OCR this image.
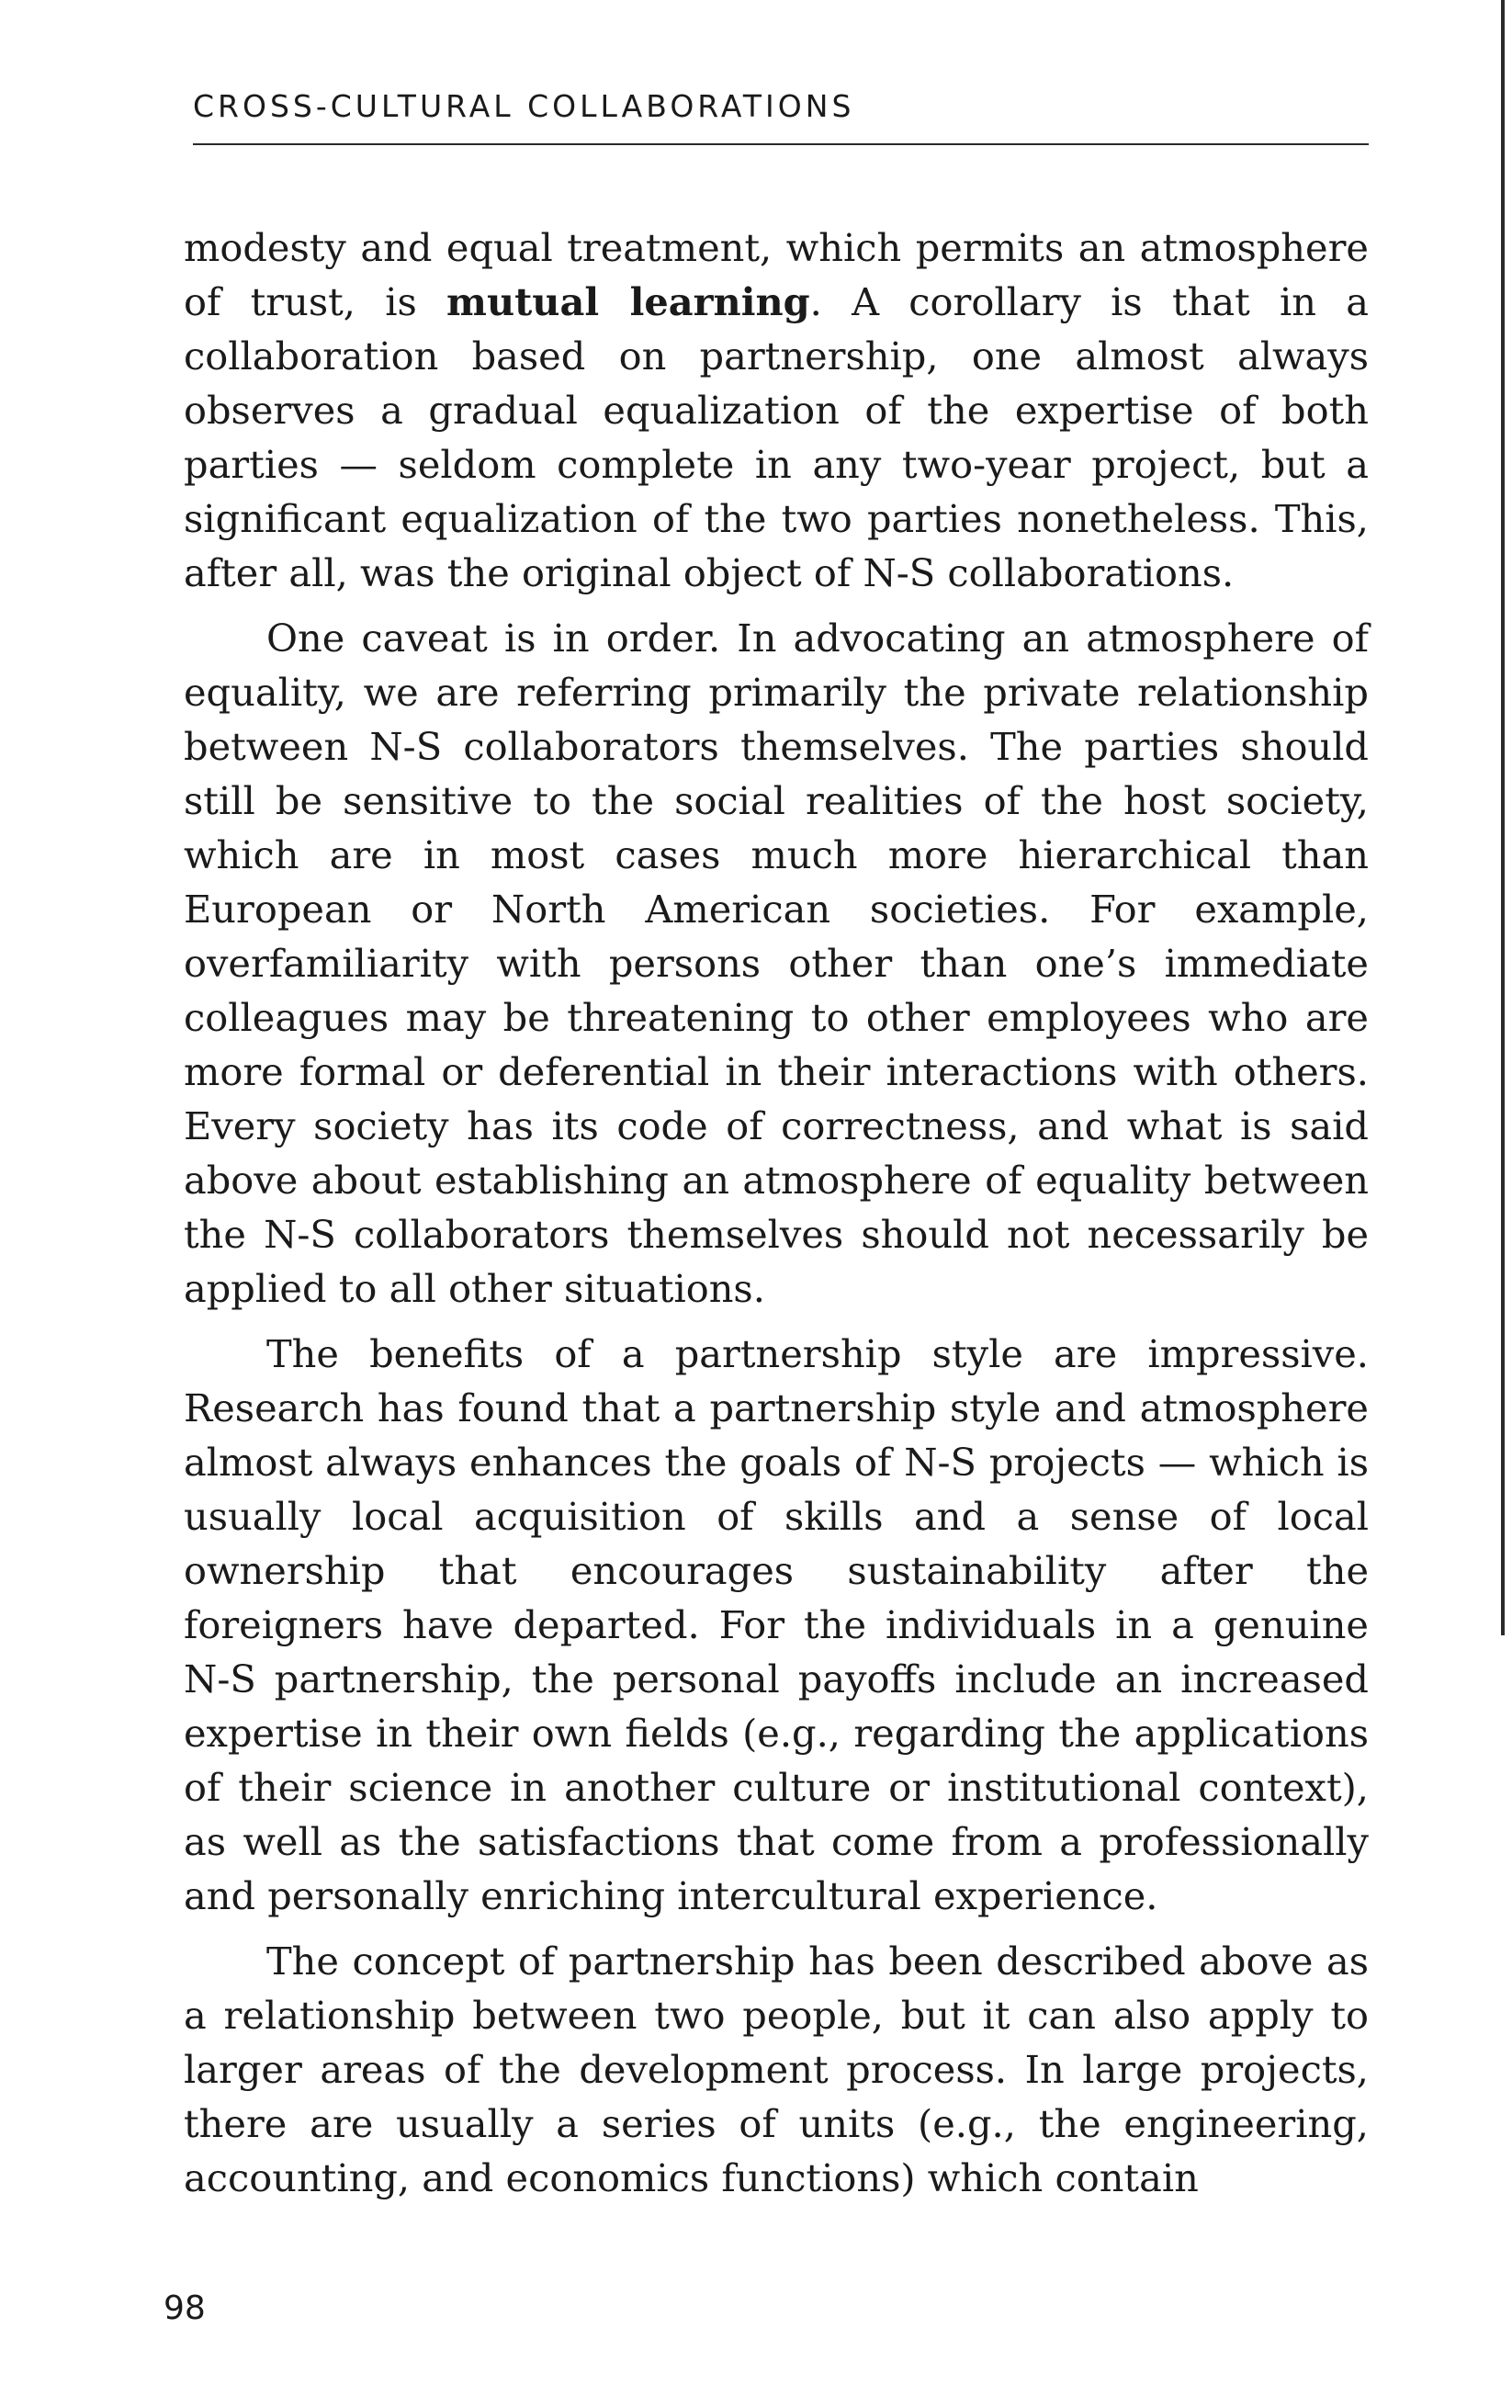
CROSS-CULTURAL COLLABORATIONS

modesty and equal treatment, which permits an atmosphere of trust, is mutual learning. A corollary is that in a collaboration based on partnership, one almost always observes a gradual equalization of the expertise of both parties — seldom complete in any two-year project, but a significant equalization of the two parties nonetheless. This, after all, was the original object of N-S collaborations.

One caveat is in order. In advocating an atmosphere of equality, we are referring primarily the private relationship between N-S collaborators themselves. The parties should still be sensitive to the social realities of the host society, which are in most cases much more hierarchical than European or North American societies. For example, overfamiliarity with persons other than one’s immediate colleagues may be threatening to other employees who are more formal or deferential in their interactions with others. Every society has its code of correctness, and what is said above about establishing an atmosphere of equality between the N-S collaborators themselves should not necessarily be applied to all other situations.

The benefits of a partnership style are impressive. Research has found that a partnership style and atmosphere almost always enhances the goals of N-S projects — which is usually local acquisition of skills and a sense of local ownership that encourages sustainability after the foreigners have departed. For the individuals in a genuine N-S partnership, the personal payoffs include an increased expertise in their own fields (e.g., regarding the applications of their science in another culture or institutional context), as well as the satisfactions that come from a professionally and personally enriching intercultural experience.

The concept of partnership has been described above as a relationship between two people, but it can also apply to larger areas of the development process. In large projects, there are usually a series of units (e.g., the engineering, accounting, and economics functions) which contain

98
